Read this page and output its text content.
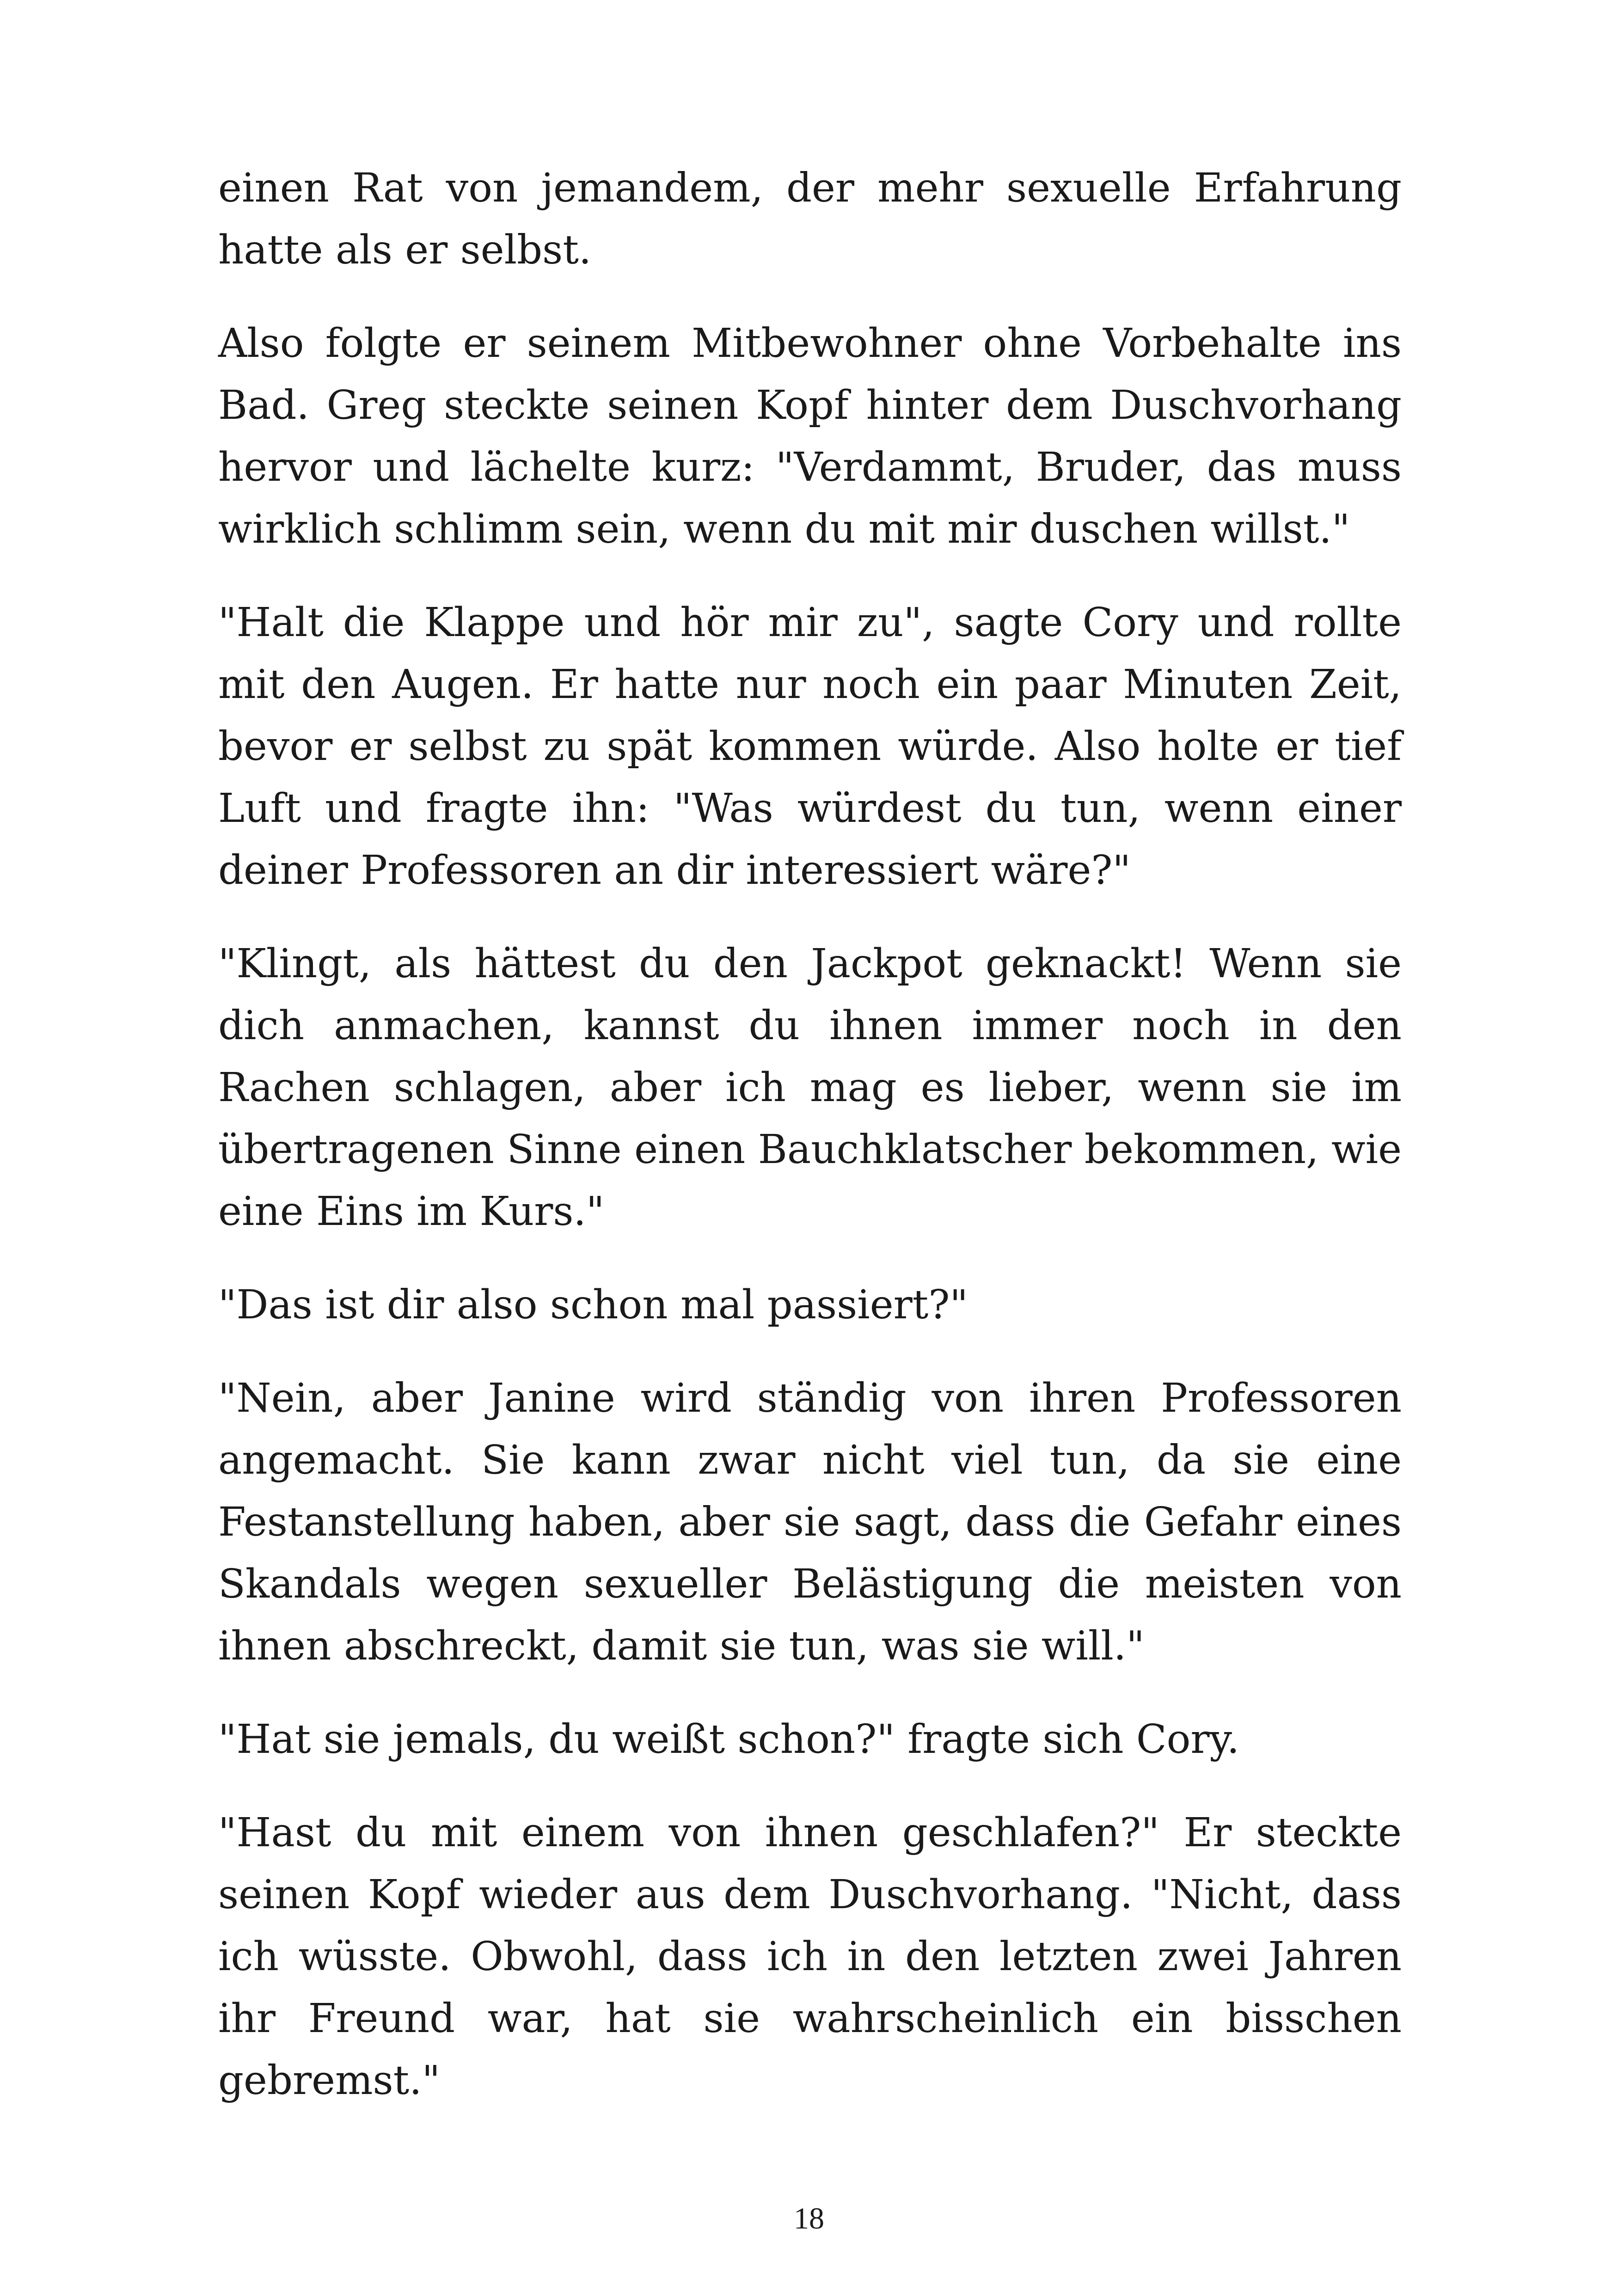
einen Rat von jemandem, der mehr sexuelle Erfahrung hatte als er selbst.

Also folgte er seinem Mitbewohner ohne Vorbehalte ins Bad. Greg steckte seinen Kopf hinter dem Duschvorhang hervor und lächelte kurz: "Verdammt, Bruder, das muss wirklich schlimm sein, wenn du mit mir duschen willst."

"Halt die Klappe und hör mir zu", sagte Cory und rollte mit den Augen. Er hatte nur noch ein paar Minuten Zeit, bevor er selbst zu spät kommen würde. Also holte er tief Luft und fragte ihn: "Was würdest du tun, wenn einer deiner Professoren an dir interessiert wäre?"

"Klingt, als hättest du den Jackpot geknackt! Wenn sie dich anmachen, kannst du ihnen immer noch in den Rachen schlagen, aber ich mag es lieber, wenn sie im übertragenen Sinne einen Bauchklatscher bekommen, wie eine Eins im Kurs."

"Das ist dir also schon mal passiert?"

"Nein, aber Janine wird ständig von ihren Professoren angemacht. Sie kann zwar nicht viel tun, da sie eine Festanstellung haben, aber sie sagt, dass die Gefahr eines Skandals wegen sexueller Belästigung die meisten von ihnen abschreckt, damit sie tun, was sie will."

"Hat sie jemals, du weißt schon?" fragte sich Cory.

"Hast du mit einem von ihnen geschlafen?" Er steckte seinen Kopf wieder aus dem Duschvorhang. "Nicht, dass ich wüsste. Obwohl, dass ich in den letzten zwei Jahren ihr Freund war, hat sie wahrscheinlich ein bisschen gebremst."

18
